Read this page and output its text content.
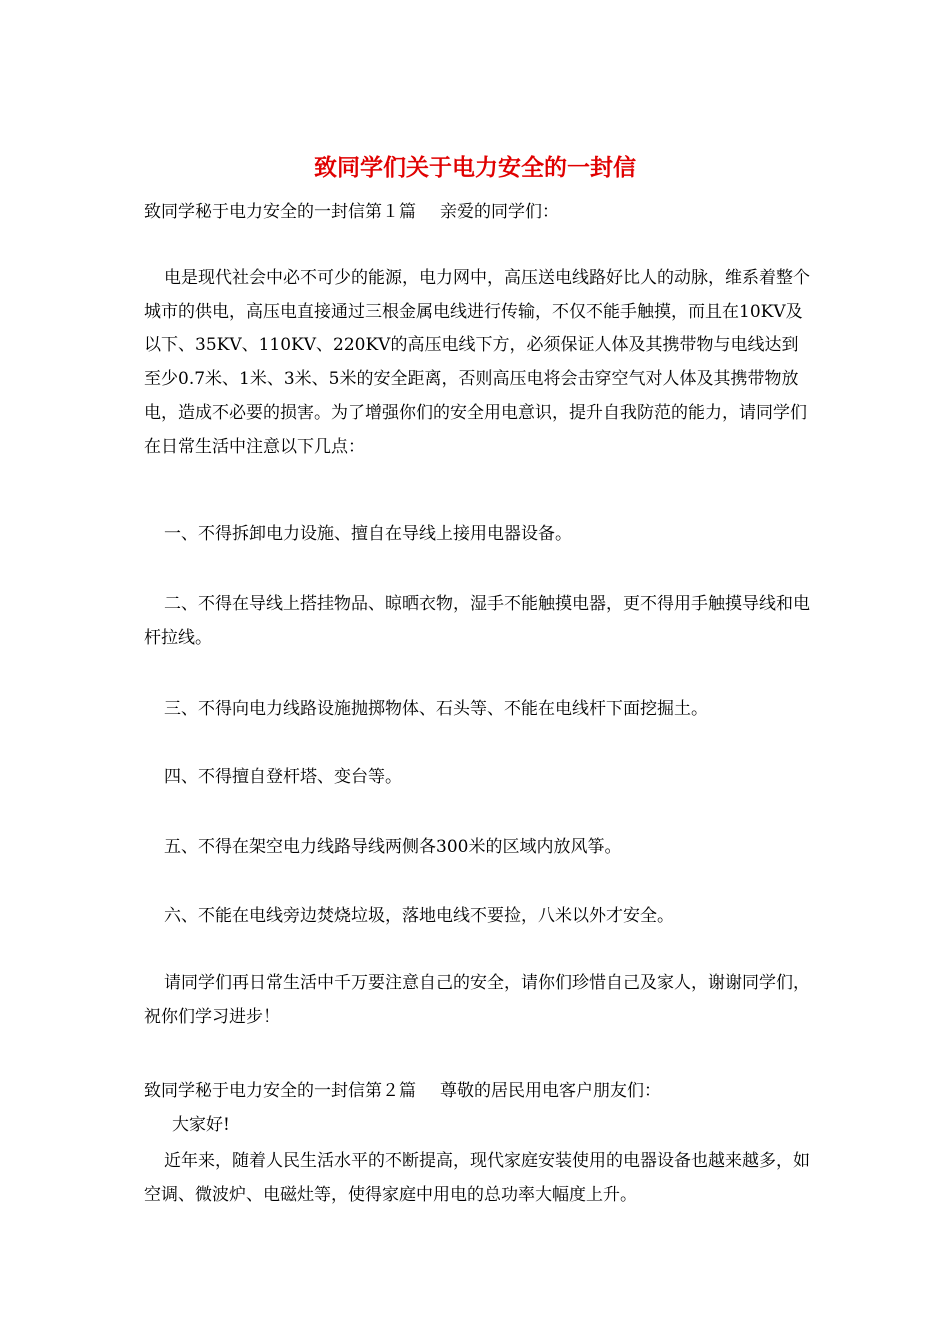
致同学们关于电力安全的一封信
致同学秘于电力安全的一封信第１篇 亲爱的同学们：
电是现代社会中必不可少的能源，电力网中，高压送电线路好比人的动脉，维系着整个城市的供电，高压电直接通过三根金属电线进行传输，不仅不能手触摸，而且在10KV及以下、35KV、110KV、220KV的高压电线下方，必须保证人体及其携带物与电线达到至少0.7米、1米、3米、5米的安全距离，否则高压电将会击穿空气对人体及其携带物放电，造成不必要的损害。为了增强你们的安全用电意识，提升自我防范的能力，请同学们在日常生活中注意以下几点：
一、不得拆卸电力设施、擅自在导线上接用电器设备。
二、不得在导线上搭挂物品、晾晒衣物，湿手不能触摸电器，更不得用手触摸导线和电杆拉线。
三、不得向电力线路设施抛掷物体、石头等、不能在电线杆下面挖掘土。
四、不得擅自登杆塔、变台等。
五、不得在架空电力线路导线两侧各300米的区域内放风筝。
六、不能在电线旁边焚烧垃圾，落地电线不要捡，八米以外才安全。
请同学们再日常生活中千万要注意自己的安全，请你们珍惜自己及家人，谢谢同学们，祝你们学习进步！
致同学秘于电力安全的一封信第２篇 尊敬的居民用电客户朋友们：
大家好!
近年来，随着人民生活水平的不断提高，现代家庭安装使用的电器设备也越来越多，如空调、微波炉、电磁灶等，使得家庭中用电的总功率大幅度上升。
